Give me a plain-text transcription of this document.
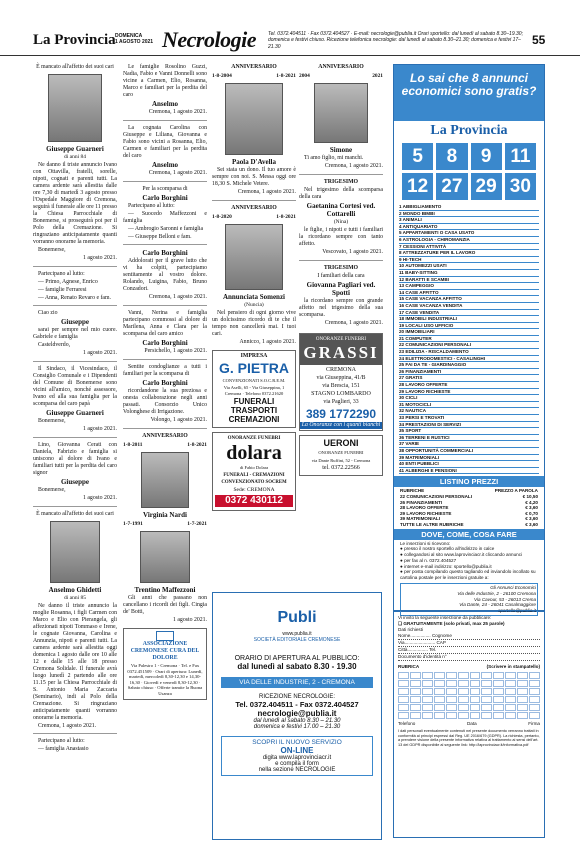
La Provincia DOMENICA
1 AGOSTO 2021 Necrologie Tel. 0372.404511 · Fax 0372.404527 · E-mail: necrologie@publia.it Orari sportello: dal lunedì al sabato 8.30–19.30; domenica e festivi chiuso. Ricezione telefonica necrologie: dal lunedì al sabato 8.30–21.30; domenica e festivi 17–21.30	55

È mancato all'affetto dei suoi cari

Giuseppe Guarneri

di anni 84

Ne danno il triste annuncio Ivano con Ottavilla, fratelli, sorelle, nipoti, cognati e parenti tutti. La camera ardente sarà allestita dalle ore 7,30 di martedì 3 agosto presso l'Ospedale Maggiore di Cremona, seguirà il funerale alle ore 11 presso la Chiesa Parrocchiale di Bonemerse, si proseguirà poi per il Polo della Cremazione. Si ringraziano anticipatamente quanti vorranno onorarne la memoria.

Bonemerse,

1 agosto 2021.

Partecipano al lutto:

— Primo, Agnese, Enrico

— famiglie Ferraresi

— Anna, Renato Revaro e fam.

Ciao zio

Giuseppe

sarai per sempre nel mio cuore. Gabriele e famiglia

Casteldverdo,

1 agosto 2021.

Il Sindaco, il Vicesindaco, il Consiglio Comunale e i Dipendenti del Comune di Bonemerse sono vicini all'amico, nonché assessore, Ivano ed alla sua famiglia per la scomparsa del caro papà

Giuseppe Guarneri

Bonemerse,

1 agosto 2021.

Lino, Giovanna Cerati con Daniela, Fabrizio e famiglia si uniscono al dolore di Ivano e familiari tutti per la perdita del caro signor

Giuseppe

Bonemerse,

1 agosto 2021.

È mancato all'affetto dei suoi cari

Anselmo Ghidetti

di anni 85

Ne danno il triste annuncio la moglie Rosanna, i figli Carmen con Marco e Elio con Pierangela, gli affezionati nipoti Tommaso e Irene, le cognate Giovanna, Carolina e Annunzia, nipoti e parenti tutti. La camera ardente sarà allestita oggi domenica 1 agosto dalle ore 10 alle 12 e dalle 15 alle 18 presso Cremona Solidale. Il funerale avrà luogo lunedì 2 partendo alle ore 11.15 per la Chiesa Parrocchiale di S. Antonio Maria Zaccaria (Seminario), indi al Polo della Cremazione. Si ringraziano anticipatamente quanti vorranno onorarne la memoria.

Cremona, 1 agosto 2021.

Partecipano al lutto:

— famiglia Anastasio

Le famiglie Rosolino Guzzi, Nadia, Fabio e Vanni Donnelli sono vicine a Carmen, Elio, Rosanna, Marco e familiari per la perdita del caro

Anselmo

Cremona, 1 agosto 2021.

La cognata Carolina con Giuseppe e Liliana, Giovanna e Fabio sono vicini a Rosanna, Elio, Carmen e familiari per la perdita del caro

Anselmo

Cremona, 1 agosto 2021.

Per la scomparsa di

Carlo Borghini

Partecipano al lutto:

— Suocedo Maffezzoni e famiglia

— Ambrogio Saronni e famiglia

— Giuseppe Belloni e fam.

Carlo Borghini

Addolorati per il grave lutto che vi ha colpiti, partecipiamo sentitamente al vostro dolore. Rolando, Luigina, Fabio, Bruno Conzadori.

Cremona, 1 agosto 2021.

Vanni, Nerina e famiglia partecipano commossi al dolore di Marilena, Anna e Clara per la scomparsa del caro amico

Carlo Borghini

Persichello, 1 agosto 2021.

Sentite condoglianze a tutti i familiari per la scomparsa di

Carlo Borghini

ricordandone la sua preziosa e onesta collaborazione negli anni passati. Consorzio Unico Volonghese di Irrigazione.

Volongo, 1 agosto 2021.

ANNIVERSARIO

1-8-2011	1-8-2021

Virginia Nardi

1-7-1991	1-7-2021

Trentino Maffezzoni

Gli anni che passano non cancellano i ricordi dei figli. Cingia de' Botti,

1 agosto 2021.

ASSOCIAZIONE CREMONESE CURA DEL DOLORE

Via Palestro 1 - Cremona · Tel. e Fax 0372.451509 · Orari di apertura: Lunedì, martedì, mercoledì 8,30-12,30 e 14,30-16,30 · Giovedì e venerdì 8,30-12,30 · Sabato chiuso · Offerte tramite la Buona Usanza

ANNIVERSARIO

1-8-2004	1-8-2021

Paola D'Avella

Sei stata un dono. Il tuo amore è sempre con noi. S. Messa oggi ore 18,30 S. Michele Vetere.

Cremona, 1 agosto 2021.

ANNIVERSARIO

1-8-2020	1-8-2021

Annunciata Somenzi

(Nuncia)

Nel pensiero di ogni giorno vive un dolcissimo ricordo di te che il tempo non cancellerà mai. I tuoi cari.

Annicco, 1 agosto 2021.

IMPRESA

G. PIETRA

CONVENZIONATI S.O.C.R.E.M.

Via Aselli, 65 - Via Giuseppina, 1 Cremona · Telefono 0372.21620

FUNERALI TRASPORTI CREMAZIONI

ONORANZE FUNEBRI

dolara

di Fabio Dolara

FUNERALI - CREMAZIONI CONVENZIONATO SOCREM

Sede: CREMONA

0372 430112

ANNIVERSARIO

2004	2021

Simone

Ti amo figlio, mi manchi.

Cremona, 1 agosto 2021.

TRIGESIMO

Nel trigesimo della scomparsa della cara

Gaetanina Cortesi ved. Cottarelli

(Nina)

le figlie, i nipoti e tutti i familiari la ricordano sempre con tanto affetto.

Vescovato, 1 agosto 2021.

TRIGESIMO

I familiari della cara

Giovanna Pagliari ved. Spotti

la ricordano sempre con grande affetto nel trigesimo della sua scomparsa.

Cremona, 1 agosto 2021.

ONORANZE FUNEBRI

GRASSI

CREMONA

via Giuseppina, 41/B

via Brescia, 151

STAGNO LOMBARDO

via Paglieri, 33

389 1772290

La Onoranze con i quanti bianchi

UERONI

ONORANZE FUNEBRI

via Dante Ruffini, 52 - Cremona

tel. 0372.22566

Publi
www.publia.it
SOCIETÀ EDITORIALE CREMONESE
ORARIO DI APERTURA AL PUBBLICO:
dal lunedì al sabato 8.30 - 19.30
VIA DELLE INDUSTRIE, 2 - CREMONA
RICEZIONE NECROLOGIE:
Tel. 0372.404511 - Fax 0372.404527
necrologie@publia.it
dal lunedì al sabato 8.30 – 21.30
domenica e festivi 17.00 – 21.30
SCOPRI IL NUOVO SERVIZIO
ON-LINE
digita www.laprovinciacr.it
e compila il form
nella sezione NECROLOGIE
Lo sai che 8 annunci economici sono gratis?
La Provincia
5	8	9 11
12 27 29 30
1 ABBIGLIAMENTO
2 MONDO BIMBI
3 ANIMALI
4 ANTIQUARIATO
5 APPARTAMENTI O CASA USATO
6 ASTROLOGIA - CHIROMANZIA
7 CESSIONI ATTIVITÀ
8 ATTREZZATURE PER IL LAVORO
9 HI-TECH
10 AUTOMEZZI USATI
11 BABY-SITTING
12 BARATTI E SCAMBI
13 CAMPEGGIO
14 CASE AFFITTO
15 CASE VACANZA AFFITTO
16 CASE VACANZA VENDITA
17 CASE VENDITA
18 IMMOBILI INDUSTRIALI
19 LOCALI USO UFFICIO
20 IMMOBILIARI
21 COMPUTER
22 COMUNICAZIONI PERSONALI
23 EDILIZIA - RISCALDAMENTO
24 ELETTRODOMESTICI - CASALINGHI
25 FAI DA TE - GIARDINAGGIO
26 FINANZIAMENTI
27 GRATIS
28 LAVORO OFFERTE
29 LAVORO RICHIESTE
30 CICLI
31 MOTOCICLI
32 NAUTICA
33 PERSI E TROVATI
34 PRESTAZIONI DI SERVIZI
35 SPORT
36 TERRENI E RUSTICI
37 VARIE
38 OPPORTUNITÀ COMMERCIALI
39 MATRIMONIALI
40 ENTI PUBBLICI
41 ALBERGHI E PENSIONI
LISTINO PREZZI
RUBRICHE	PREZZO A PAROLA
22 COMUNICAZIONI PERSONALI	€ 10,50
26 FINANZIAMENTI	€ 4,20
28 LAVORO OFFERTE	€ 3,60
29 LAVORO RICHIESTE	€ 0,70
39 MATRIMONIALI	€ 3,60
TUTTE LE ALTRE RUBRICHE	€ 3,60
DOVE, COME, COSA FARE
Le inserzioni si ricevono:
● presso il nostro sportello all'indirizzo in calce
● collegandosi al sito www.laprovinciacr.it cliccando annunci
● per fax al n. 0372.404527
● internet e-mail indirizzo: sportello@publia.it
● per posta compilando questo tagliando ed inviandolo incollato su cartolina postale per le inserzioni gratuite a:
Gli Annunci Economici
Via delle Industrie, 2 - 26100 Cremona
Via Cavour, 53 - 26013 Crema
Via Dante, 24 - 26041 Casalmaggiore
sportello@publia.it
Vi invito la seguente inserzione da pubblicare:
❑ GRATUITAMENTE (solo privati, max 25 parole)
Dati richiesti
Nome................ Cognome
Via........................ CAP
Città................ Tel.
Documento d'identità n°
RUBRICA	(Scrivere in stampatello)
Telefono	Data	Firma
I dati personali eventualmente contenuti nel presente documento verranno trattati in conformità ai principi espressi dal Reg. UE 2016/679 (GDPR). La richiesta, pertanto, a prendere visione della presente informativa relativa al trattamento ai sensi dell'art. 13 del GDPR disponibile al seguente link: http://laprovinciacr.it/informativa.pdf
